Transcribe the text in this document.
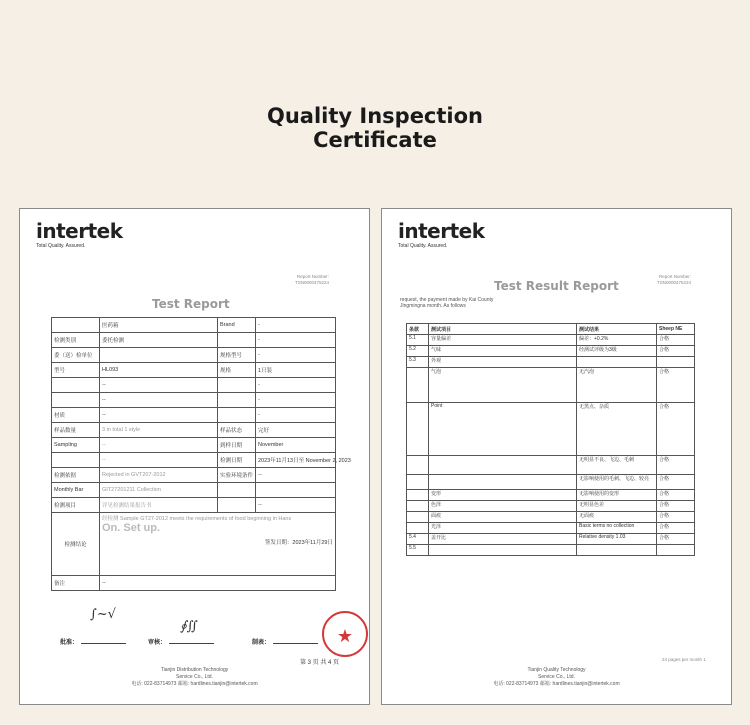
Quality Inspection
Certificate
intertek
Total Quality. Assured.
Report Number:
TSN0000475224
Test Report
	医药箱	Brand	-
检测类别	委托检测		-
委（送）检单位		规格型号	-
型号	HL093	规格	1只装
	--		-
	--		-
材质	--		-
样品数量	3 in total 1 style	样品状态	完好
Sampling	--	到样日期	November
	--	检测日期	2023年11月13日至 November 2, 2023
检测依据	Rejected in GVT207-2012	实验环境条件	--
Monthly Bar	GIT27201211 Collection		
检测项目	详见检测结果报告书		--
检测结论	经检测 Sample GT27-2012 meets the requirements of food beginning in Hans
On. Set up.
签发日期：2023年11月29日		

备注	--		
批准：	审核：	制表：
∫~√
∮∬	★
第 3 页 共 4 页
Tianjin Distribution Technology
Service Co., Ltd.
电话: 022-83714973 邮箱: hardlines.tianjin@intertek.com
intertek
Total Quality. Assured.
Report Number:
TSN0000475224
Test Result Report
request, the payment made by Kai County
Jingmingna month. As follows
条款	测试项目	测试结果	Sheep NE
5.1	容量偏差	偏差：+0.2%	合格
5.2	气味	经测试评级为3级	合格
5.3	外观		
	气泡	无汽泡	合格
	Point	无黑点、杂质	合格
		无明显不良、飞边、毛刺	合格
		无影响使用的毛刺、飞边、较亮	合格
	变形	无影响使用的变形	合格
	色泽	无明显色差	合格
	面痕	无面痕	合格
	光泽	Basic terms no collection	合格
5.4	盖开比	Relative density 1.03	合格
5.5			
24 pages per month 1
Tianjin Quality Technology
Service Co., Ltd.
电话: 022-83714973 邮箱: hardlines.tianjin@intertek.com
